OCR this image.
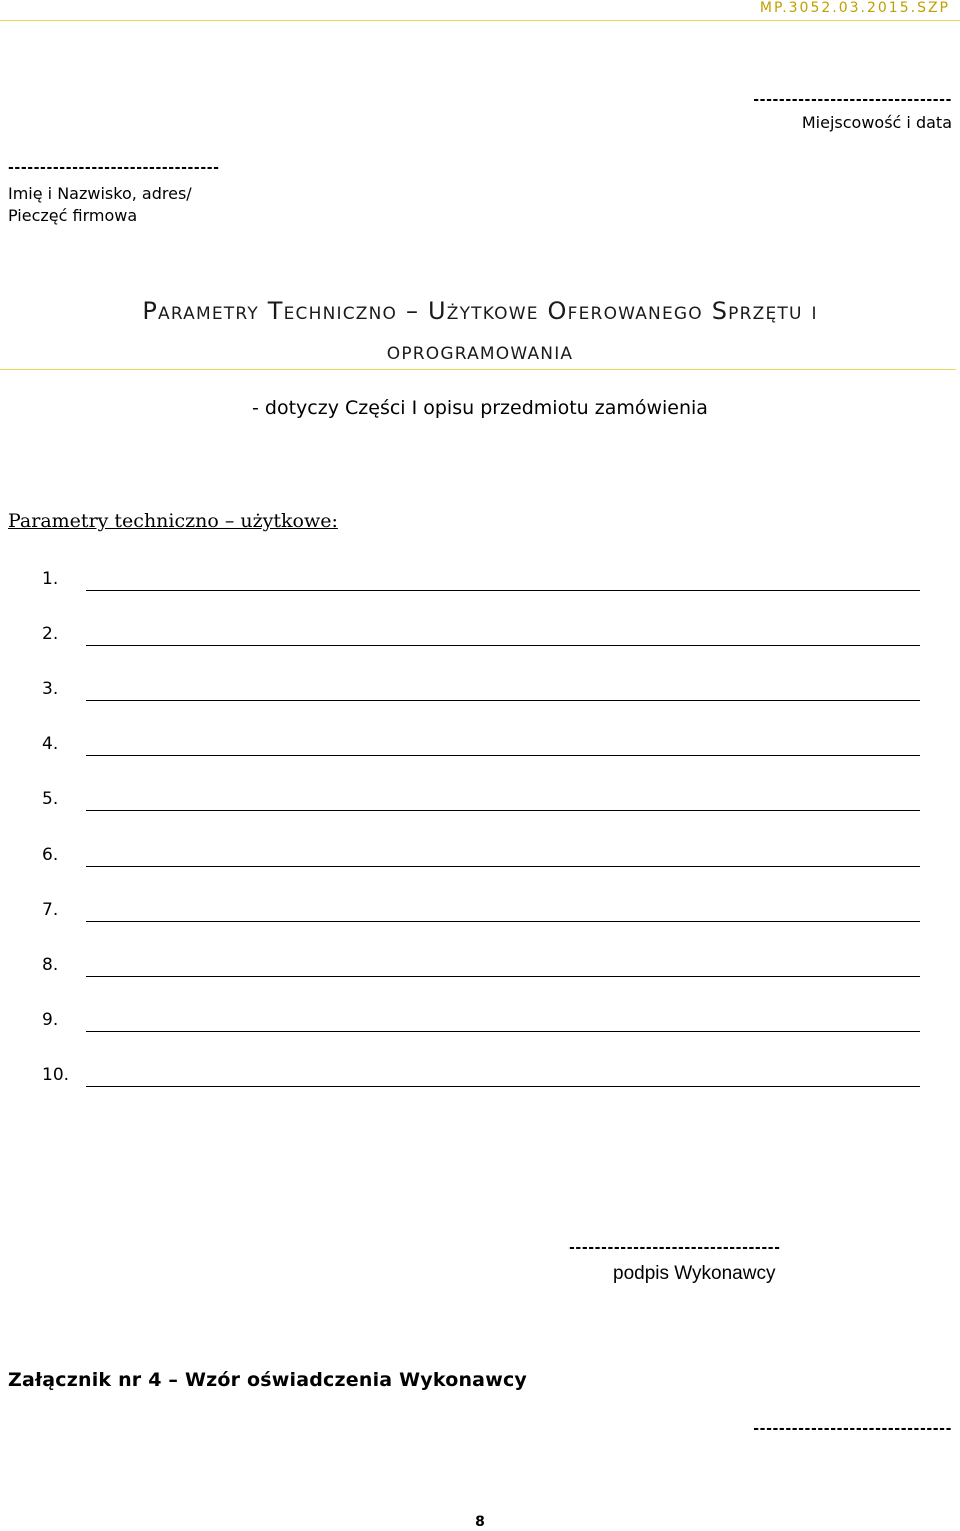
MP.3052.03.2015.SZP
-------------------------------
Miejscowość i data
---------------------------------
Imię i Nazwisko, adres/
Pieczęć firmowa
Parametry Techniczno – Użytkowe Oferowanego Sprzętu i
oprogramowania
- dotyczy Części I opisu przedmiotu zamówienia
Parametry techniczno – użytkowe:
1.
2.
3.
4.
5.
6.
7.
8.
9.
10.
---------------------------------
podpis Wykonawcy
Załącznik nr 4 – Wzór oświadczenia Wykonawcy
-------------------------------
8
